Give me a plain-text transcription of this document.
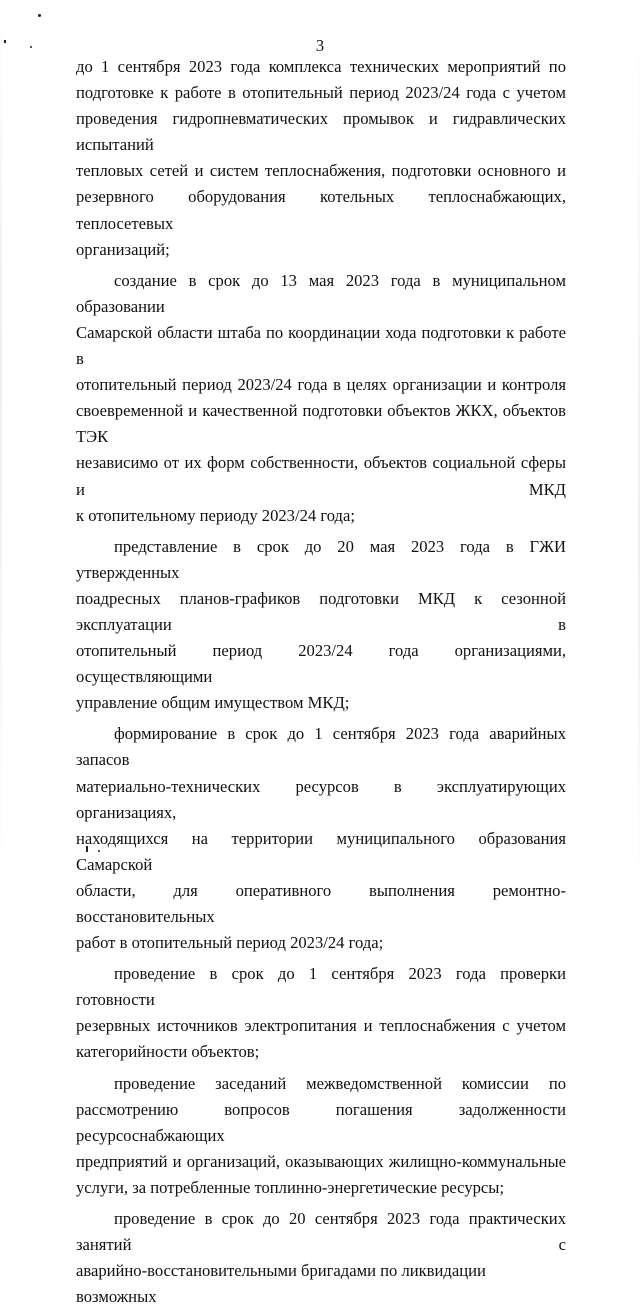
3
до 1 сентября 2023 года комплекса технических мероприятий по
подготовке к работе в отопительный период 2023/24 года с учетом
проведения гидропневматических промывок и гидравлических испытаний
тепловых сетей и систем теплоснабжения, подготовки основного и
резервного оборудования котельных теплоснабжающих, теплосетевых
организаций;
создание в срок до 13 мая 2023 года в муниципальном образовании
Самарской области штаба по координации хода подготовки к работе в
отопительный период 2023/24 года в целях организации и контроля
своевременной и качественной подготовки объектов ЖКХ, объектов ТЭК
независимо от их форм собственности, объектов социальной сферы и МКД
к отопительному периоду 2023/24 года;
представление в срок до 20 мая 2023 года в ГЖИ утвержденных
поадресных планов-графиков подготовки МКД к сезонной эксплуатации в
отопительный период 2023/24 года организациями, осуществляющими
управление общим имуществом МКД;
формирование в срок до 1 сентября 2023 года аварийных запасов
материально-технических ресурсов в эксплуатирующих организациях,
находящихся на территории муниципального образования Самарской
области, для оперативного выполнения ремонтно-восстановительных
работ в отопительный период 2023/24 года;
проведение в срок до 1 сентября 2023 года проверки готовности
резервных источников электропитания и теплоснабжения с учетом
категорийности объектов;
проведение заседаний межведомственной комиссии по
рассмотрению вопросов погашения задолженности ресурсоснабжающих
предприятий и организаций, оказывающих жилищно-коммунальные
услуги, за потребленные топлинно-энергетические ресурсы;
проведение в срок до 20 сентября 2023 года практических занятий с
аварийно-восстановительными бригадами по ликвидации возможных
